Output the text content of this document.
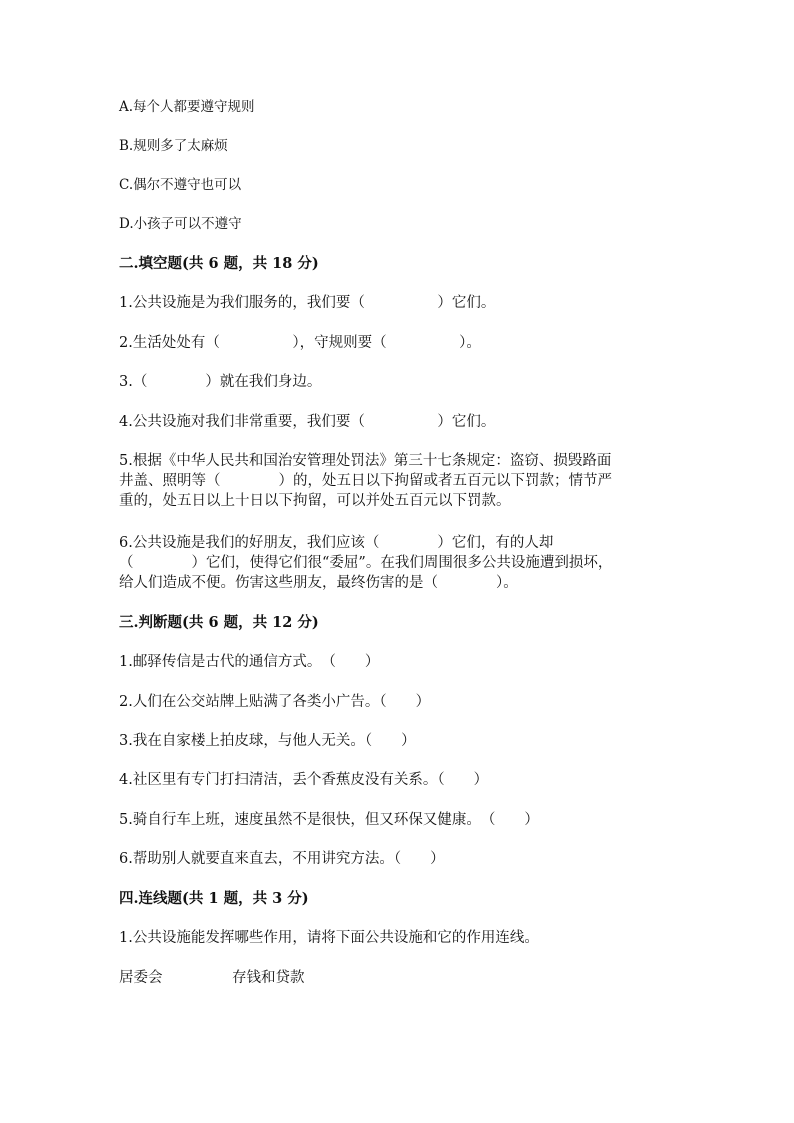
A.每个人都要遵守规则
B.规则多了太麻烦
C.偶尔不遵守也可以
D.小孩子可以不遵守
二.填空题(共 6 题，共 18 分)
1.公共设施是为我们服务的，我们要（　　　　　）它们。
2.生活处处有（　　　　　），守规则要（　　　　　）。
3.（　　　　）就在我们身边。
4.公共设施对我们非常重要，我们要（　　　　　）它们。
5.根据《中华人民共和国治安管理处罚法》第三十七条规定：盗窃、损毁路面
井盖、照明等（　　　　）的，处五日以下拘留或者五百元以下罚款；情节严
重的，处五日以上十日以下拘留，可以并处五百元以下罚款。
6.公共设施是我们的好朋友，我们应该（　　　　）它们，有的人却
（　　　　）它们，使得它们很“委屈”。在我们周围很多公共设施遭到损坏，
给人们造成不便。伤害这些朋友，最终伤害的是（　　　　）。
三.判断题(共 6 题，共 12 分)
1.邮驿传信是古代的通信方式。　（　　）
2.人们在公交站牌上贴满了各类小广告。（　　）
3.我在自家楼上拍皮球，与他人无关。（　　）
4.社区里有专门打扫清洁，丢个香蕉皮没有关系。（　　）
5.骑自行车上班，速度虽然不是很快，但又环保又健康。　（　　）
6.帮助别人就要直来直去，不用讲究方法。（　　）
四.连线题(共 1 题，共 3 分)
1.公共设施能发挥哪些作用，请将下面公共设施和它的作用连线。
居委会	存钱和贷款
